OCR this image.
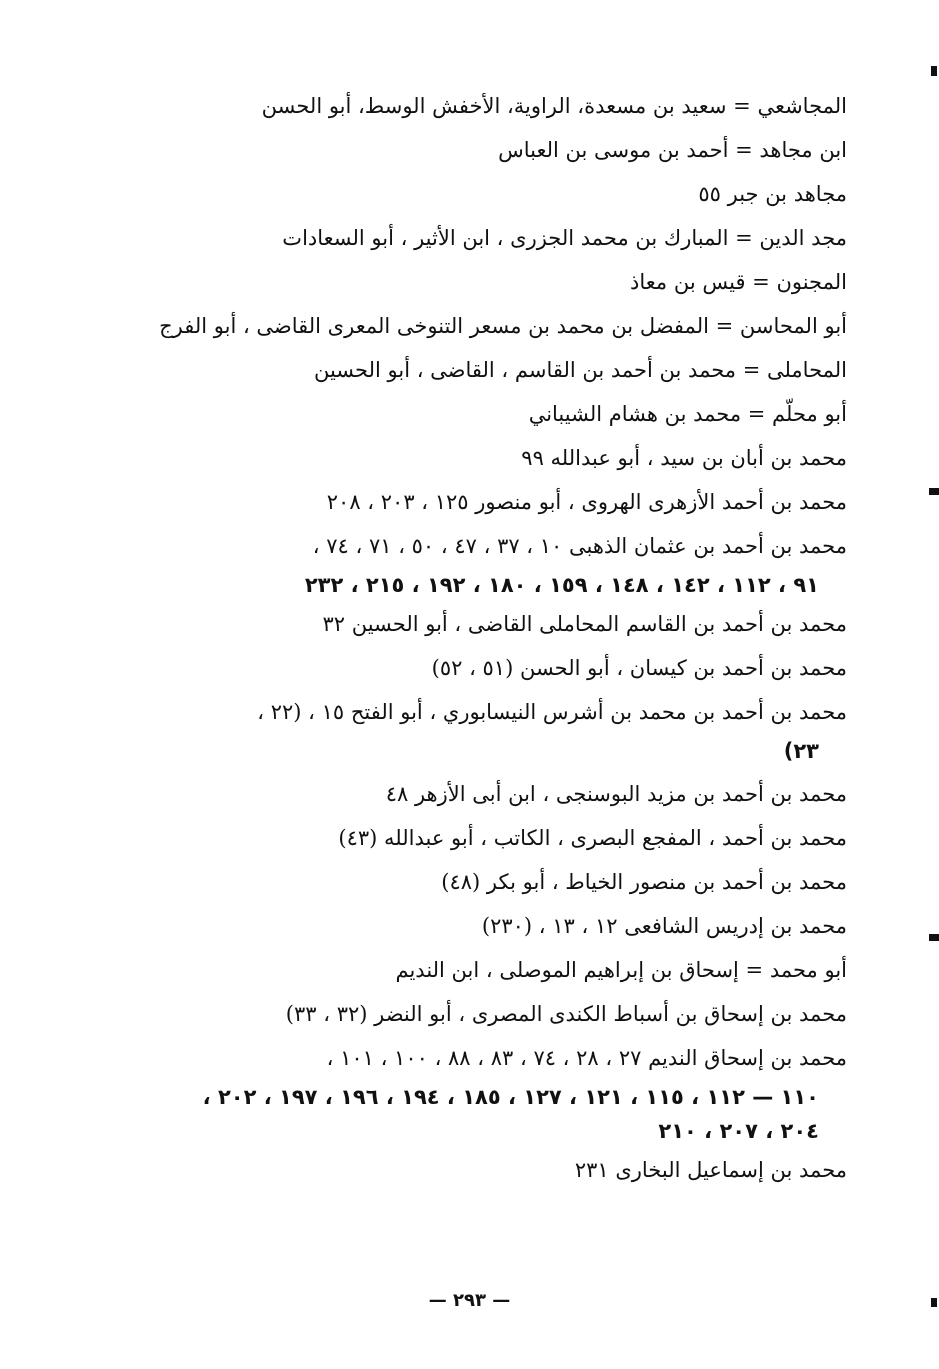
المجاشعي = سعيد بن مسعدة، الراوية، الأخفش الوسط، أبو الحسن
ابن مجاهد = أحمد بن موسى بن العباس
مجاهد بن جبر ٥٥
مجد الدين = المبارك بن محمد الجزرى ، ابن الأثير ، أبو السعادات
المجنون = قيس بن معاذ
أبو المحاسن = المفضل بن محمد بن مسعر التنوخى المعرى القاضى ، أبو الفرج
المحاملى = محمد بن أحمد بن القاسم ، القاضى ، أبو الحسين
أبو محلّم = محمد بن هشام الشيباني
محمد بن أبان بن سيد ، أبو عبدالله ٩٩
محمد بن أحمد الأزهرى الهروى ، أبو منصور ١٢٥ ، ٢٠٣ ، ٢٠٨
محمد بن أحمد بن عثمان الذهبى ١٠ ، ٣٧ ، ٤٧ ، ٥٠ ، ٧١ ، ٧٤ ،
٩١ ، ١١٢ ، ١٤٢ ، ١٤٨ ، ١٥٩ ، ١٨٠ ، ١٩٢ ، ٢١٥ ، ٢٣٢
محمد بن أحمد بن القاسم المحاملى القاضى ، أبو الحسين ٣٢
محمد بن أحمد بن كيسان ، أبو الحسن (٥١ ، ٥٢)
محمد بن أحمد بن محمد بن أشرس النيسابوري ، أبو الفتح ١٥ ، (٢٢ ،
٢٣)
محمد بن أحمد بن مزيد البوسنجى ، ابن أبى الأزهر ٤٨
محمد بن أحمد ، المفجع البصرى ، الكاتب ، أبو عبدالله (٤٣)
محمد بن أحمد بن منصور الخياط ، أبو بكر (٤٨)
محمد بن إدريس الشافعى ١٢ ، ١٣ ، (٢٣٠)
أبو محمد = إسحاق بن إبراهيم الموصلى ، ابن النديم
محمد بن إسحاق بن أسباط الكندى المصرى ، أبو النضر (٣٢ ، ٣٣)
محمد بن إسحاق النديم ٢٧ ، ٢٨ ، ٧٤ ، ٨٣ ، ٨٨ ، ١٠٠ ، ١٠١ ،
١١٠ — ١١٢ ، ١١٥ ، ١٢١ ، ١٢٧ ، ١٨٥ ، ١٩٤ ، ١٩٦ ، ١٩٧ ، ٢٠٢ ، ٢٠٤ ، ٢٠٧ ، ٢١٠
محمد بن إسماعيل البخارى ٢٣١
— ٢٩٣ —
